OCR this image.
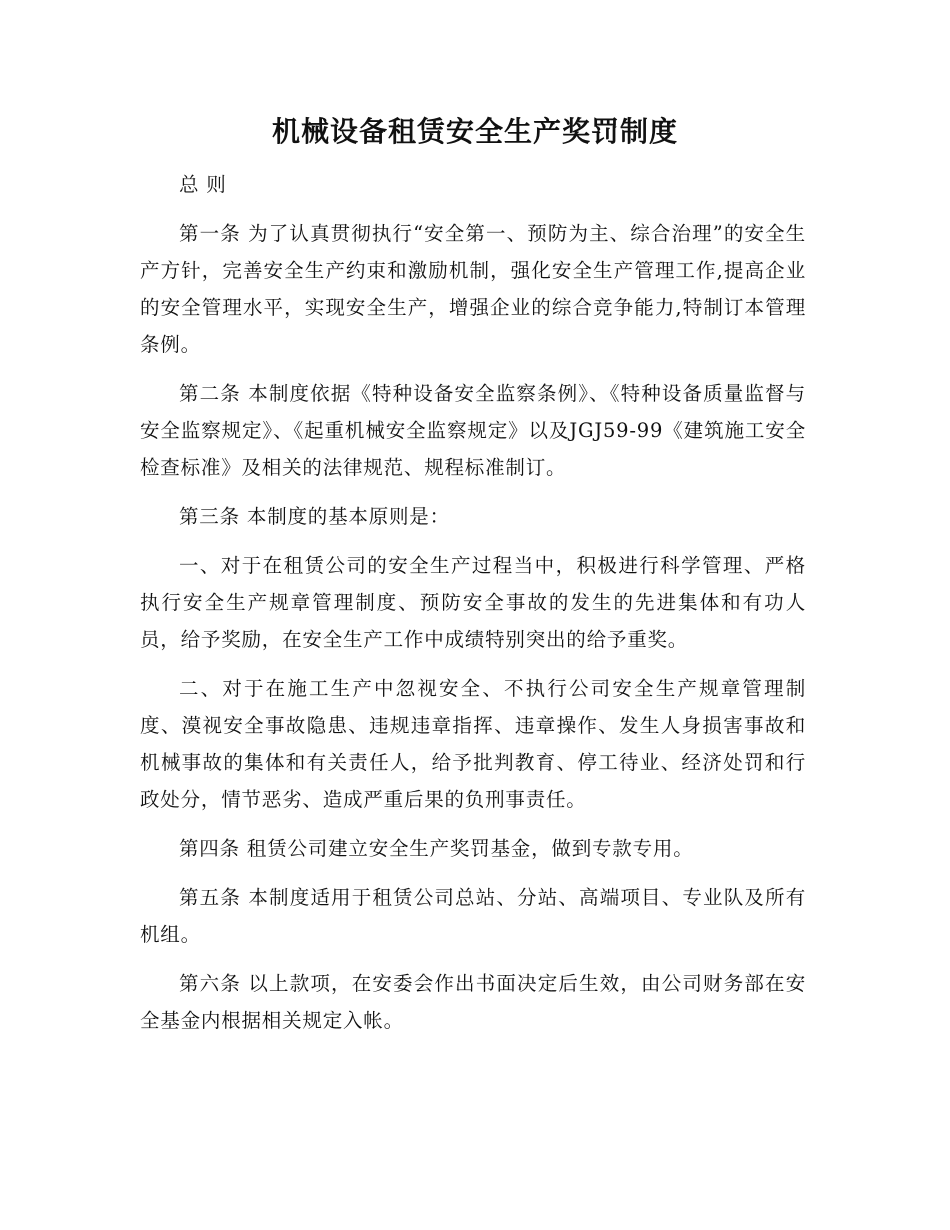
机械设备租赁安全生产奖罚制度

总 则

第一条 为了认真贯彻执行“安全第一、预防为主、综合治理”的安全生产方针，完善安全生产约束和激励机制，强化安全生产管理工作,提高企业的安全管理水平，实现安全生产，增强企业的综合竞争能力,特制订本管理条例。

第二条 本制度依据《特种设备安全监察条例》、《特种设备质量监督与安全监察规定》、《起重机械安全监察规定》以及JGJ59-99《建筑施工安全检查标准》及相关的法律规范、规程标准制订。

第三条 本制度的基本原则是：

一、对于在租赁公司的安全生产过程当中，积极进行科学管理、严格执行安全生产规章管理制度、预防安全事故的发生的先进集体和有功人员，给予奖励，在安全生产工作中成绩特别突出的给予重奖。

二、对于在施工生产中忽视安全、不执行公司安全生产规章管理制度、漠视安全事故隐患、违规违章指挥、违章操作、发生人身损害事故和机械事故的集体和有关责任人，给予批判教育、停工待业、经济处罚和行政处分，情节恶劣、造成严重后果的负刑事责任。

第四条 租赁公司建立安全生产奖罚基金，做到专款专用。

第五条 本制度适用于租赁公司总站、分站、高端项目、专业队及所有机组。

第六条 以上款项，在安委会作出书面决定后生效，由公司财务部在安全基金内根据相关规定入帐。
